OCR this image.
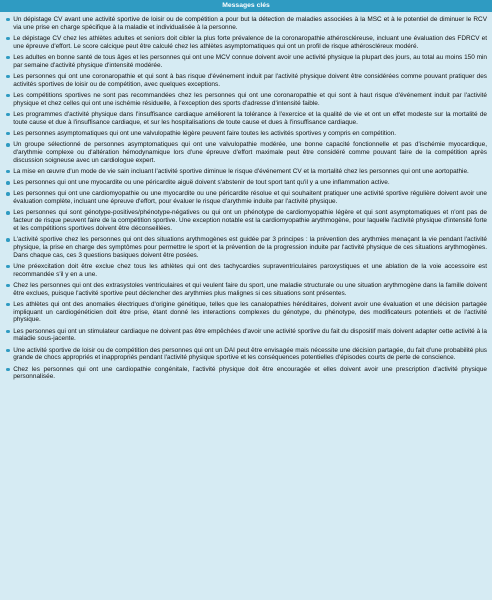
Messages clés
Un dépistage CV avant une activité sportive de loisir ou de compétition a pour but la détection de maladies associées à la MSC et à le potentiel de diminuer le RCV via une prise en charge spécifique à la maladie et individualisée à la personne.
Le dépistage CV chez les athlètes adultes et seniors doit cibler la plus forte prévalence de la coronaropathie athéroscléreuse, incluant une évaluation des FDRCV et une épreuve d'effort. Le score calcique peut être calculé chez les athlètes asymptomatiques qui ont un profil de risque athéroscléreux modéré.
Les adultes en bonne santé de tous âges et les personnes qui ont une MCV connue doivent avoir une activité physique la plupart des jours, au total au moins 150 min par semaine d'activité physique d'intensité modérée.
Les personnes qui ont une coronaropathie et qui sont à bas risque d'événement induit par l'activité physique doivent être considérées comme pouvant pratiquer des activités sportives de loisir ou de compétition, avec quelques exceptions.
Les compétitions sportives ne sont pas recommandées chez les personnes qui ont une coronaropathie et qui sont à haut risque d'événement induit par l'activité physique et chez celles qui ont une ischémie résiduelle, à l'exception des sports d'adresse d'intensité faible.
Les programmes d'activité physique dans l'insuffisance cardiaque améliorent la tolérance à l'exercice et la qualité de vie et ont un effet modeste sur la mortalité de toute cause et due à l'insuffisance cardiaque, et sur les hospitalisations de toute cause et dues à l'insuffisance cardiaque.
Les personnes asymptomatiques qui ont une valvulopathie légère peuvent faire toutes les activités sportives y compris en compétition.
Un groupe sélectionné de personnes asymptomatiques qui ont une valvulopathie modérée, une bonne capacité fonctionnelle et pas d'ischémie myocardique, d'arythmie complexe ou d'altération hémodynamique lors d'une épreuve d'effort maximale peut être considéré comme pouvant faire de la compétition après discussion soigneuse avec un cardiologue expert.
La mise en œuvre d'un mode de vie sain incluant l'activité sportive diminue le risque d'événement CV et la mortalité chez les personnes qui ont une aortopathie.
Les personnes qui ont une myocardite ou une péricardite aiguë doivent s'abstenir de tout sport tant qu'il y a une inflammation active.
Les personnes qui ont une cardiomyopathie ou une myocardite ou une péricardite résolue et qui souhaitent pratiquer une activité sportive régulière doivent avoir une évaluation complète, incluant une épreuve d'effort, pour évaluer le risque d'arythmie induite par l'activité physique.
Les personnes qui sont génotype-positives/phénotype-négatives ou qui ont un phénotype de cardiomyopathie légère et qui sont asymptomatiques et n'ont pas de facteur de risque peuvent faire de la compétition sportive. Une exception notable est la cardiomyopathie arythmogène, pour laquelle l'activité physique d'intensité forte et les compétitions sportives doivent être déconseillées.
L'activité sportive chez les personnes qui ont des situations arythmogènes est guidée par 3 principes : la prévention des arythmies menaçant la vie pendant l'activité physique, la prise en charge des symptômes pour permettre le sport et la prévention de la progression induite par l'activité physique de ces situations arythmogènes. Dans chaque cas, ces 3 questions basiques doivent être posées.
Une préexcitation doit être exclue chez tous les athlètes qui ont des tachycardies supraventriculaires paroxystiques et une ablation de la voie accessoire est recommandée s'il y en a une.
Chez les personnes qui ont des extrasystoles ventriculaires et qui veulent faire du sport, une maladie structurale ou une situation arythmogène dans la famille doivent être exclues, puisque l'activité sportive peut déclencher des arythmies plus malignes si ces situations sont présentes.
Les athlètes qui ont des anomalies électriques d'origine génétique, telles que les canalopathies héréditaires, doivent avoir une évaluation et une décision partagée impliquant un cardiogénéticien doit être prise, étant donné les interactions complexes du génotype, du phénotype, des modificateurs potentiels et de l'activité physique.
Les personnes qui ont un stimulateur cardiaque ne doivent pas être empêchées d'avoir une activité sportive du fait du dispositif mais doivent adapter cette activité à la maladie sous-jacente.
Une activité sportive de loisir ou de compétition des personnes qui ont un DAI peut être envisagée mais nécessite une décision partagée, du fait d'une probabilité plus grande de chocs appropriés et inappropriés pendant l'activité physique sportive et les conséquences potentielles d'épisodes courts de perte de conscience.
Chez les personnes qui ont une cardiopathie congénitale, l'activité physique doit être encouragée et elles doivent avoir une prescription d'activité physique personnalisée.
